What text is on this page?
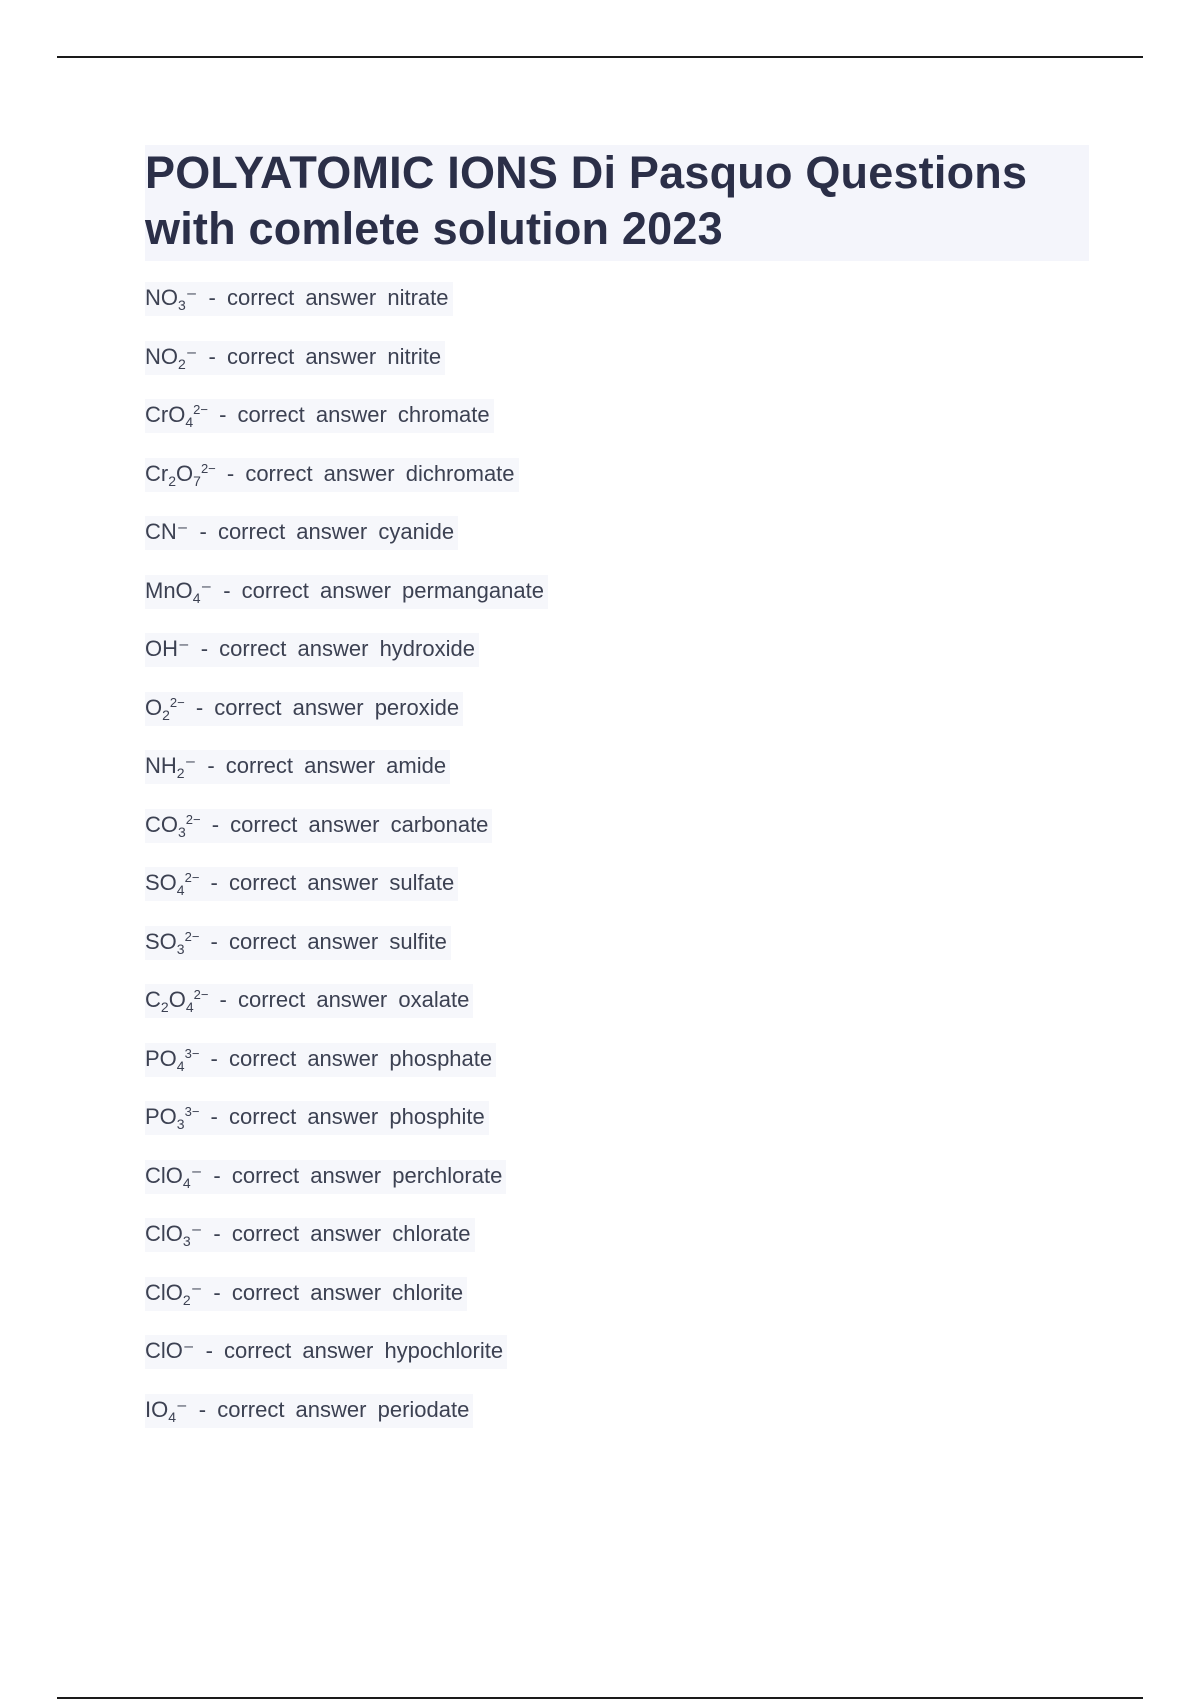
POLYATOMIC IONS Di Pasquo Questions with comlete solution 2023
$NO_3^-$ - correct answer nitrate
$NO_2^-$ - correct answer nitrite
CrO$_4^{2-}$ - correct answer chromate
$Cr_2O_7^{2-}$ - correct answer dichromate
CN⁻ - correct answer cyanide
MnO$_4$⁻ - correct answer permanganate
OH⁻ - correct answer hydroxide
$O_2^{2-}$ - correct answer peroxide
$NH_2^-$ - correct answer amide
$CO_3^{2-}$ - correct answer carbonate
$SO_4^{2-}$ - correct answer sulfate
$SO_3^{2-}$ - correct answer sulfite
$C_2O_4^{2-}$ - correct answer oxalate
$PO_4^{3-}$ - correct answer phosphate
$PO_3^{3-}$ - correct answer phosphite
ClO$_4$⁻ - correct answer perchlorate
ClO$_3$⁻ - correct answer chlorate
ClO$_2$⁻ - correct answer chlorite
ClO⁻ - correct answer hypochlorite
$IO_4^-$ - correct answer periodate
